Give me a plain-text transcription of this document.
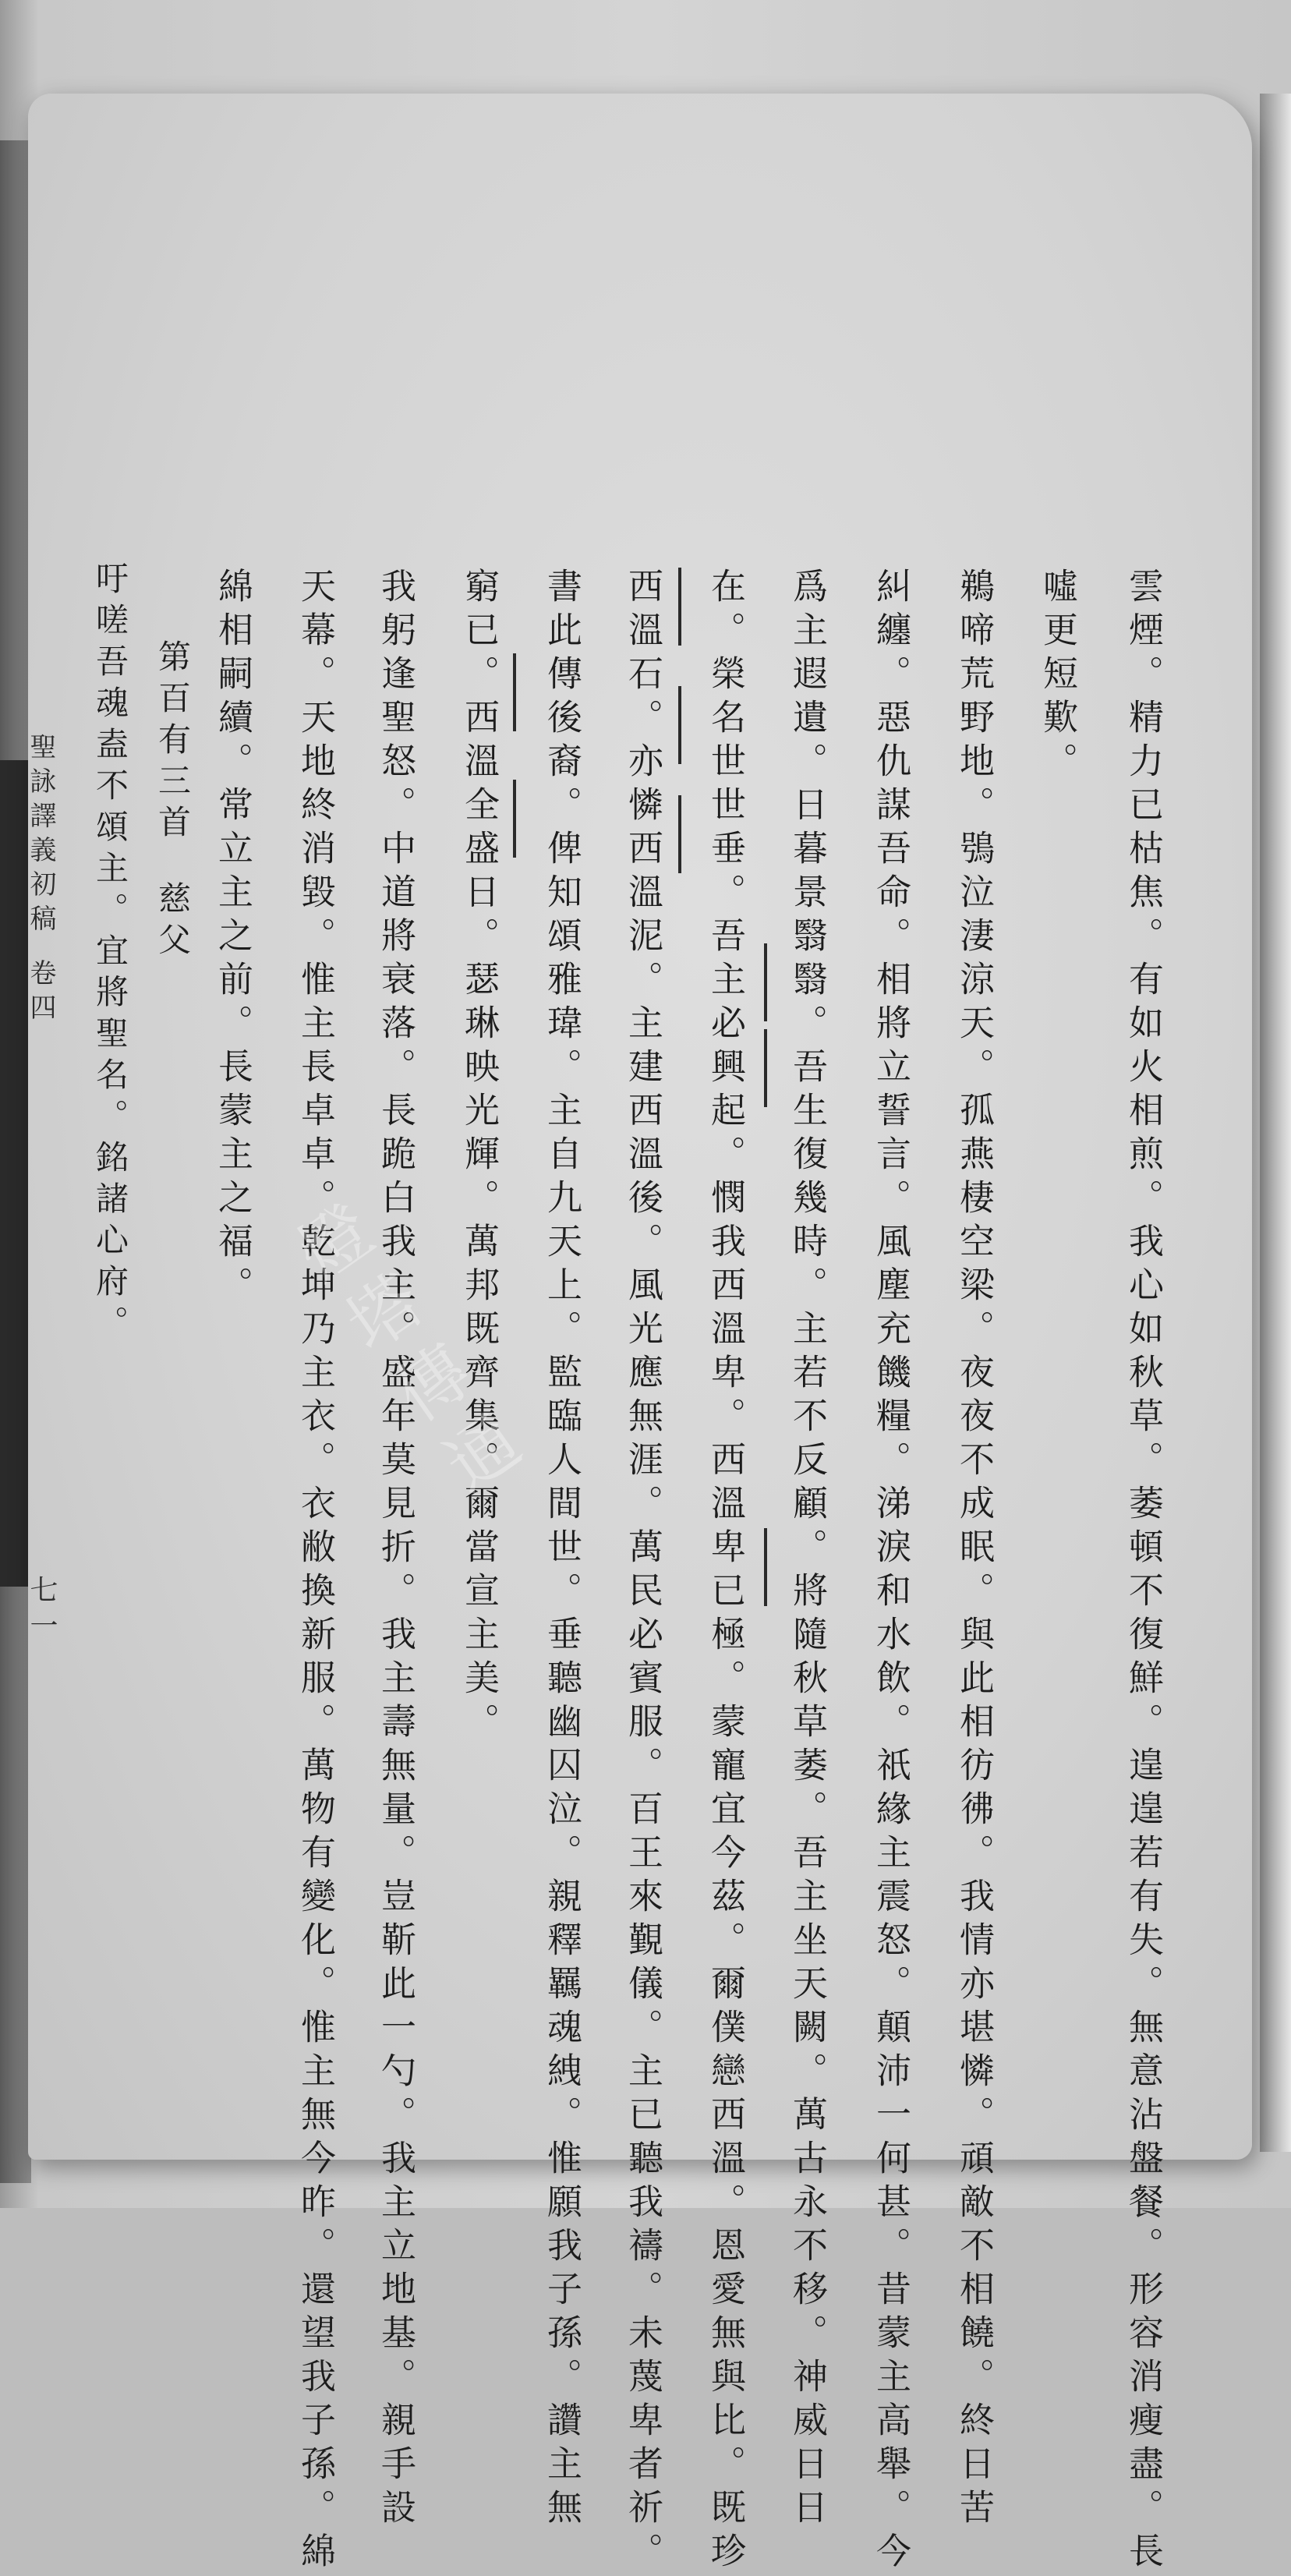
雲煙。精力已枯焦。有如火相煎。我心如秋草。萎頓不復鮮。遑遑若有失。無意沾盤餐。形容消瘦盡。長
噓更短歎。
鵜啼荒野地。鴞泣淒涼天。孤燕棲空梁。夜夜不成眠。與此相彷彿。我情亦堪憐。頑敵不相饒。終日苦
糾纏。惡仇謀吾命。相將立誓言。風塵充饑糧。涕淚和水飲。祇緣主震怒。顛沛一何甚。昔蒙主高舉。今
爲主遐遺。日暮景翳翳。吾生復幾時。主若不反顧。將隨秋草萎。吾主坐天闕。萬古永不移。神威日日
在。榮名世世垂。吾主必興起。憫我西溫卑。西溫卑已極。蒙寵宜今茲。爾僕戀西溫。恩愛無與比。既珍
西溫石。亦憐西溫泥。主建西溫後。風光應無涯。萬民必賓服。百王來覲儀。主已聽我禱。未蔑卑者祈。
書此傳後裔。俾知頌雅瑋。主自九天上。監臨人間世。垂聽幽囚泣。親釋羈魂絏。惟願我子孫。讚主無
窮已。西溫全盛日。瑟琳映光輝。萬邦既齊集。爾當宣主美。
我躬逢聖怒。中道將衰落。長跪白我主。盛年莫見折。我主壽無量。豈靳此一勺。我主立地基。親手設
天幕。天地終消毀。惟主長卓卓。乾坤乃主衣。衣敝換新服。萬物有變化。惟主無今昨。還望我子孫。綿
綿相嗣續。常立主之前。長蒙主之福。
第百有三首
慈父
吁嗟吾魂盍不頌主。宜將聖名。銘諸心府。
聖詠譯義初稿
卷四
七一
燈塔傳通
